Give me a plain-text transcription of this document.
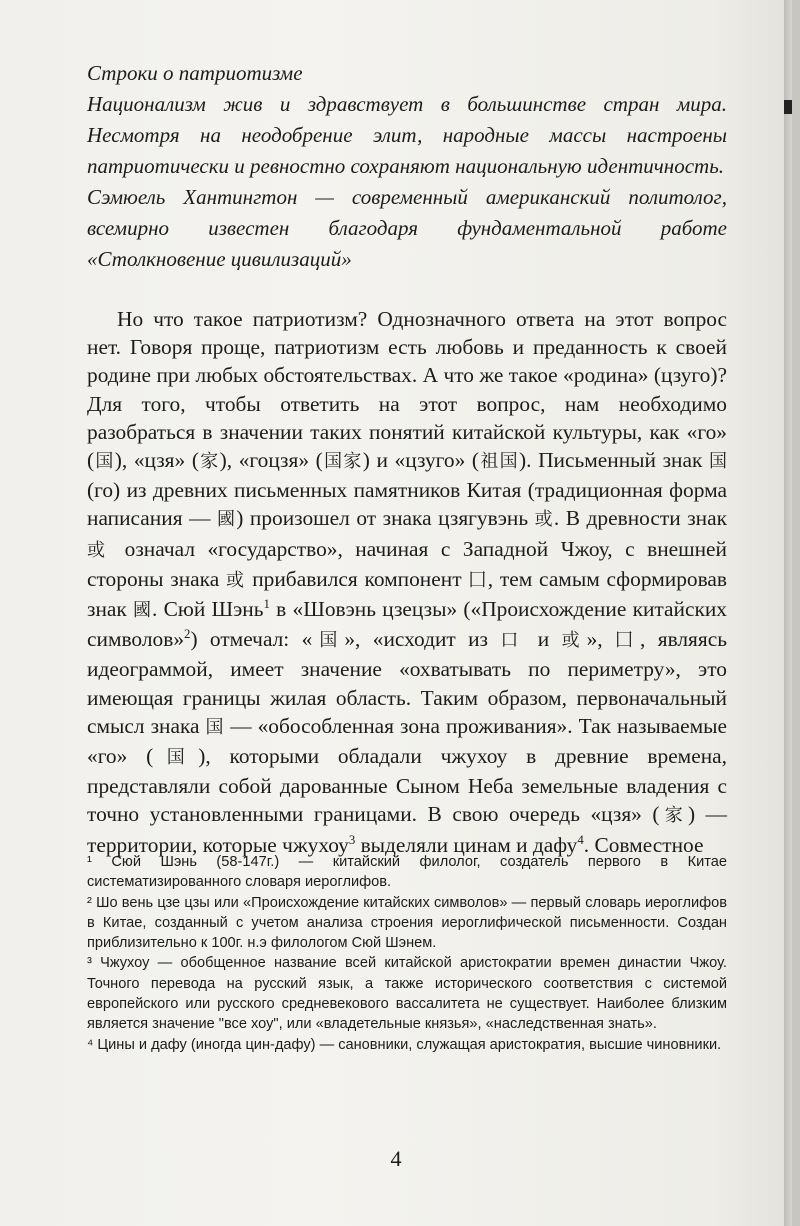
Строки о патриотизме

Национализм жив и здравствует в большинстве стран мира. Несмотря на неодобрение элит, народные массы настроены патриотически и ревностно сохраняют национальную идентичность.

Сэмюель Хантингтон — современный американский политолог, всемирно известен благодаря фундаментальной работе «Столкновение цивилизаций»

Но что такое патриотизм? Однозначного ответа на этот вопрос нет. Говоря проще, патриотизм есть любовь и преданность к своей родине при любых обстоятельствах. А что же такое «родина» (цзуго)? Для того, чтобы ответить на этот вопрос, нам необходимо разобраться в значении таких понятий китайской культуры, как «го» (国), «цзя» (家), «гоцзя» (国家) и «цзуго» (祖国). Письменный знак 国 (го) из древних письменных памятников Китая (традиционная форма написания — 國) произошел от знака цзягувэнь 或. В древности знак 或 означал «государство», начиная с Западной Чжоу, с внешней стороны знака 或 прибавился компонент 囗, тем самым сформировав знак 國. Сюй Шэнь$^1$ в «Шовэнь цзецзы» («Происхождение китайских символов»$^2$) отмечал: «国», «исходит из 口 и 或», 囗, являясь идеограммой, имеет значение «охватывать по периметру», это имеющая границы жилая область. Таким образом, первоначальный смысл знака 国 — «обособленная зона проживания». Так называемые «го» (国), которыми обладали чжухоу в древние времена, представляли собой дарованные Сыном Неба земельные владения с точно установленными границами. В свою очередь «цзя» (家) — территории, которые чжухоу$^3$ выделяли цинам и дафу$^4$. Совместное

¹ Сюй Шэнь (58-147г.) — китайский филолог, создатель первого в Китае систематизированного словаря иероглифов.

² Шо вень цзе цзы или «Происхождение китайских символов» — первый словарь иероглифов в Китае, созданный с учетом анализа строения иероглифической письменности. Создан приблизительно к 100г. н.э филологом Сюй Шэнем.

³ Чжухоу — обобщенное название всей китайской аристократии времен династии Чжоу. Точного перевода на русский язык, а также исторического соответствия с системой европейского или русского средневекового вассалитета не существует. Наиболее близким является значение "все хоу", или «владетельные князья», «наследственная знать».

⁴ Цины и дафу (иногда цин-дафу) — сановники, служащая аристократия, высшие чиновники.

4
